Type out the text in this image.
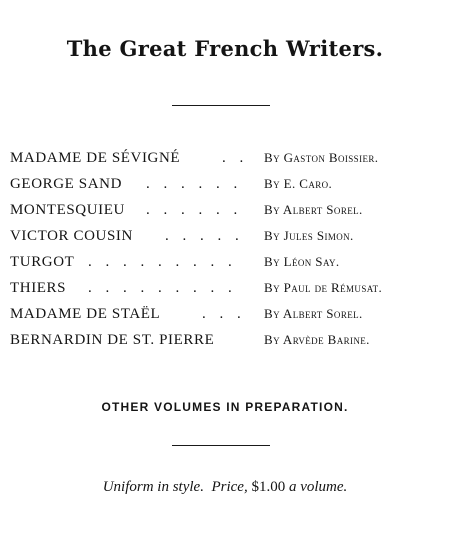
The Great French Writers.
MADAME DE SÉVIGNÉ	. . By Gaston Boissier.
GEORGE SAND . . . . . . By E. Caro.
MONTESQUIEU . . . . . . By Albert Sorel.
VICTOR COUSIN . . . . . By Jules Simon.
TURGOT . . . . . . . . . By Léon Say.
THIERS . . . . . . . . . By Paul de Rémusat.
MADAME DE STAËL	. . . By Albert Sorel.
BERNARDIN DE ST. PIERRE	By Arvède Barine.
OTHER VOLUMES IN PREPARATION.
Uniform in style. Price, $1.00 a volume.
